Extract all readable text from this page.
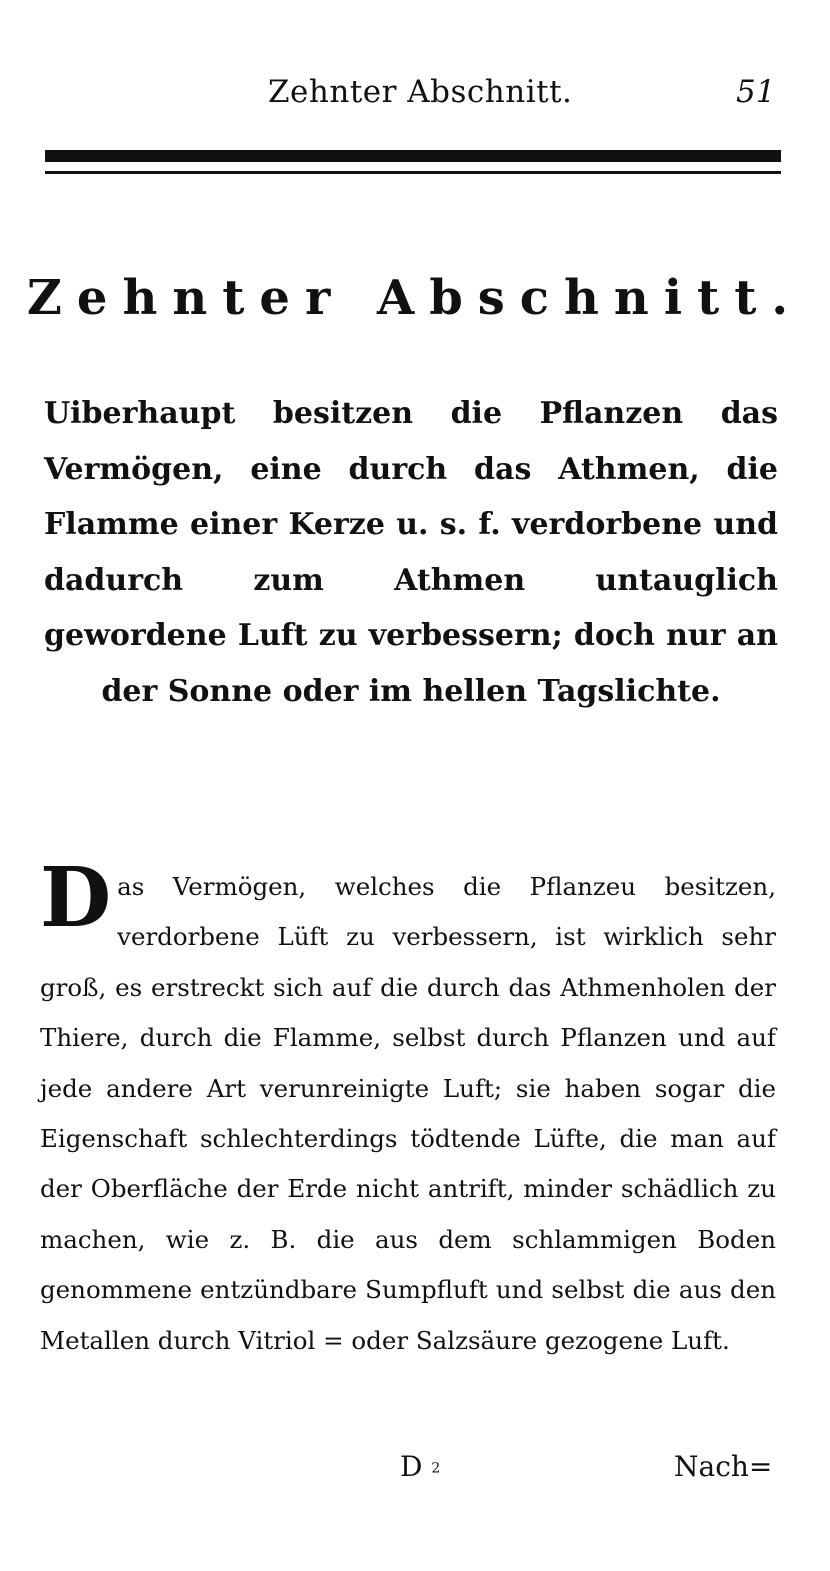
Zehnter Abschnitt.	51
Zehnter Abschnitt.
Uiberhaupt besitzen die Pflanzen das Vermögen, eine durch das Athmen, die Flamme einer Kerze u. s. f. verdorbene und dadurch zum Athmen untauglich gewordene Luft zu verbessern; doch nur an der Sonne oder im hellen Tagslichte.
D as Vermögen, welches die Pflanzeu besitzen, verdorbene Lüft zu verbessern, ist wirklich sehr groß, es erstreckt sich auf die durch das Athmenholen der Thiere, durch die Flamme, selbst durch Pflanzen und auf jede andere Art verunreinigte Luft; sie haben sogar die Eigenschaft schlechterdings tödtende Lüfte, die man auf der Oberfläche der Erde nicht antrift, minder schädlich zu machen, wie z. B. die aus dem schlammigen Boden genommene entzündbare Sumpfluft und selbst die aus den Metallen durch Vitriol = oder Salzsäure gezogene Luft.
D 2	Nach=
